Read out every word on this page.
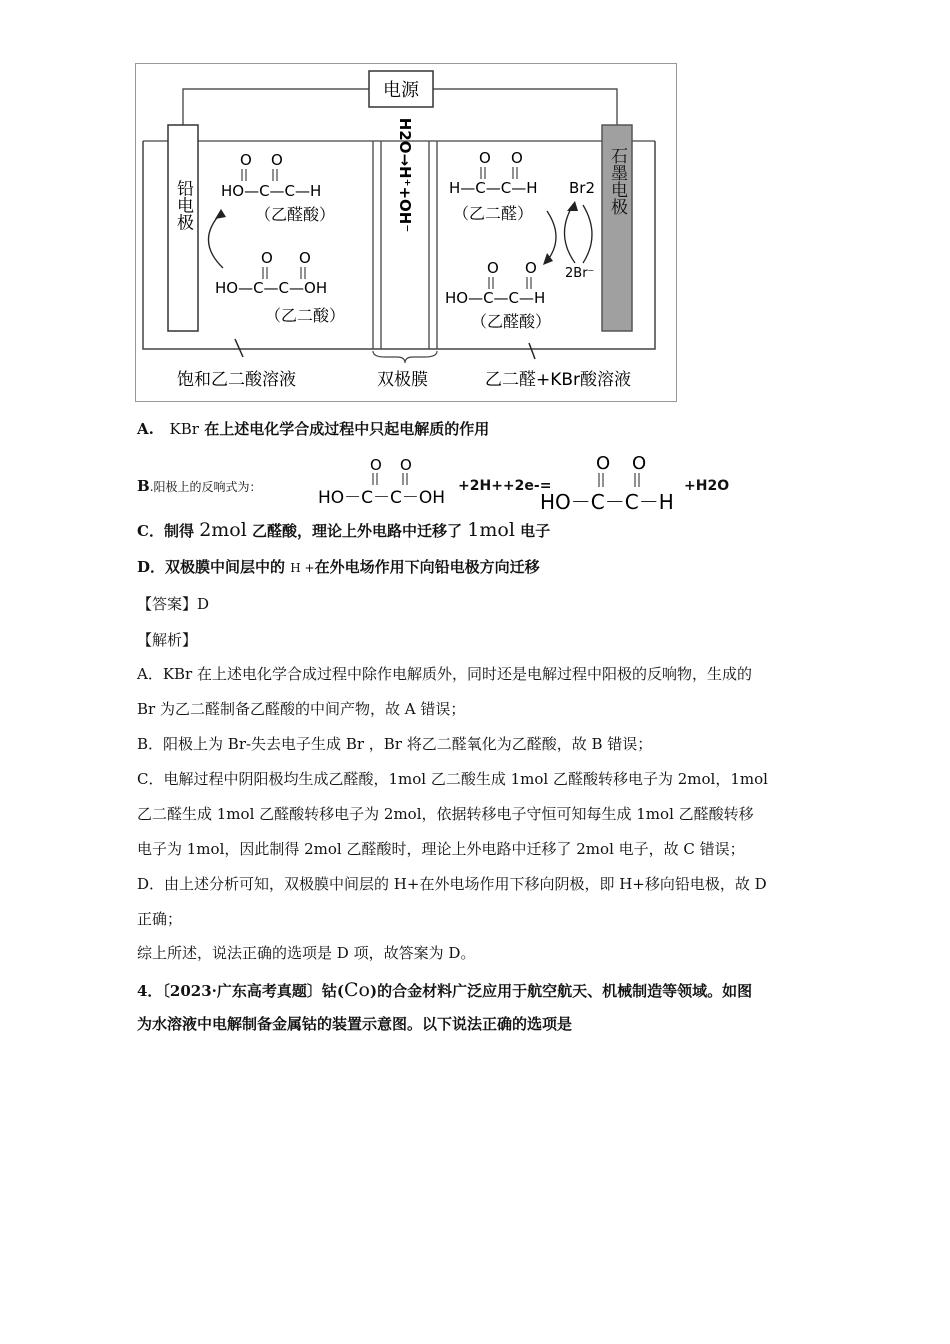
电源
铅电极	石墨电极
H2O→H⁺+OH⁻
O O
HO—C—C—H
（乙醛酸）
O O
HO—C—C—OH
（乙二酸）
O O
H—C—C—H
（乙二醛）
Br2
2Br⁻
O O
HO—C—C—H
（乙醛酸）
饱和乙二酸溶液	双极膜	乙二醛+KBr酸溶液
A. KBr 在上述电化学合成过程中只起电解质的作用
B.阳极上的反响式为：
O O
HO－C－C－OH
+2H++2e-=
O O
HO－C－C－H
+H2O
C．制得 2mol 乙醛酸，理论上外电路中迁移了 1mol 电子
D．双极膜中间层中的 H +在外电场作用下向铅电极方向迁移
【答案】D
【解析】
A．KBr 在上述电化学合成过程中除作电解质外，同时还是电解过程中阳极的反响物，生成的
Br 为乙二醛制备乙醛酸的中间产物，故 A 错误；
B．阳极上为 Br-失去电子生成 Br ，Br 将乙二醛氧化为乙醛酸，故 B 错误；
C．电解过程中阴阳极均生成乙醛酸，1mol 乙二酸生成 1mol 乙醛酸转移电子为 2mol，1mol
乙二醛生成 1mol 乙醛酸转移电子为 2mol，依据转移电子守恒可知每生成 1mol 乙醛酸转移
电子为 1mol，因此制得 2mol 乙醛酸时，理论上外电路中迁移了 2mol 电子，故 C 错误；
D．由上述分析可知，双极膜中间层的 H+在外电场作用下移向阴极，即 H+移向铅电极，故 D
正确；
综上所述，说法正确的选项是 D 项，故答案为 D。
4．〔2023·广东高考真题〕钴(Co)的合金材料广泛应用于航空航天、机械制造等领域。如图
为水溶液中电解制备金属钴的装置示意图。以下说法正确的选项是
